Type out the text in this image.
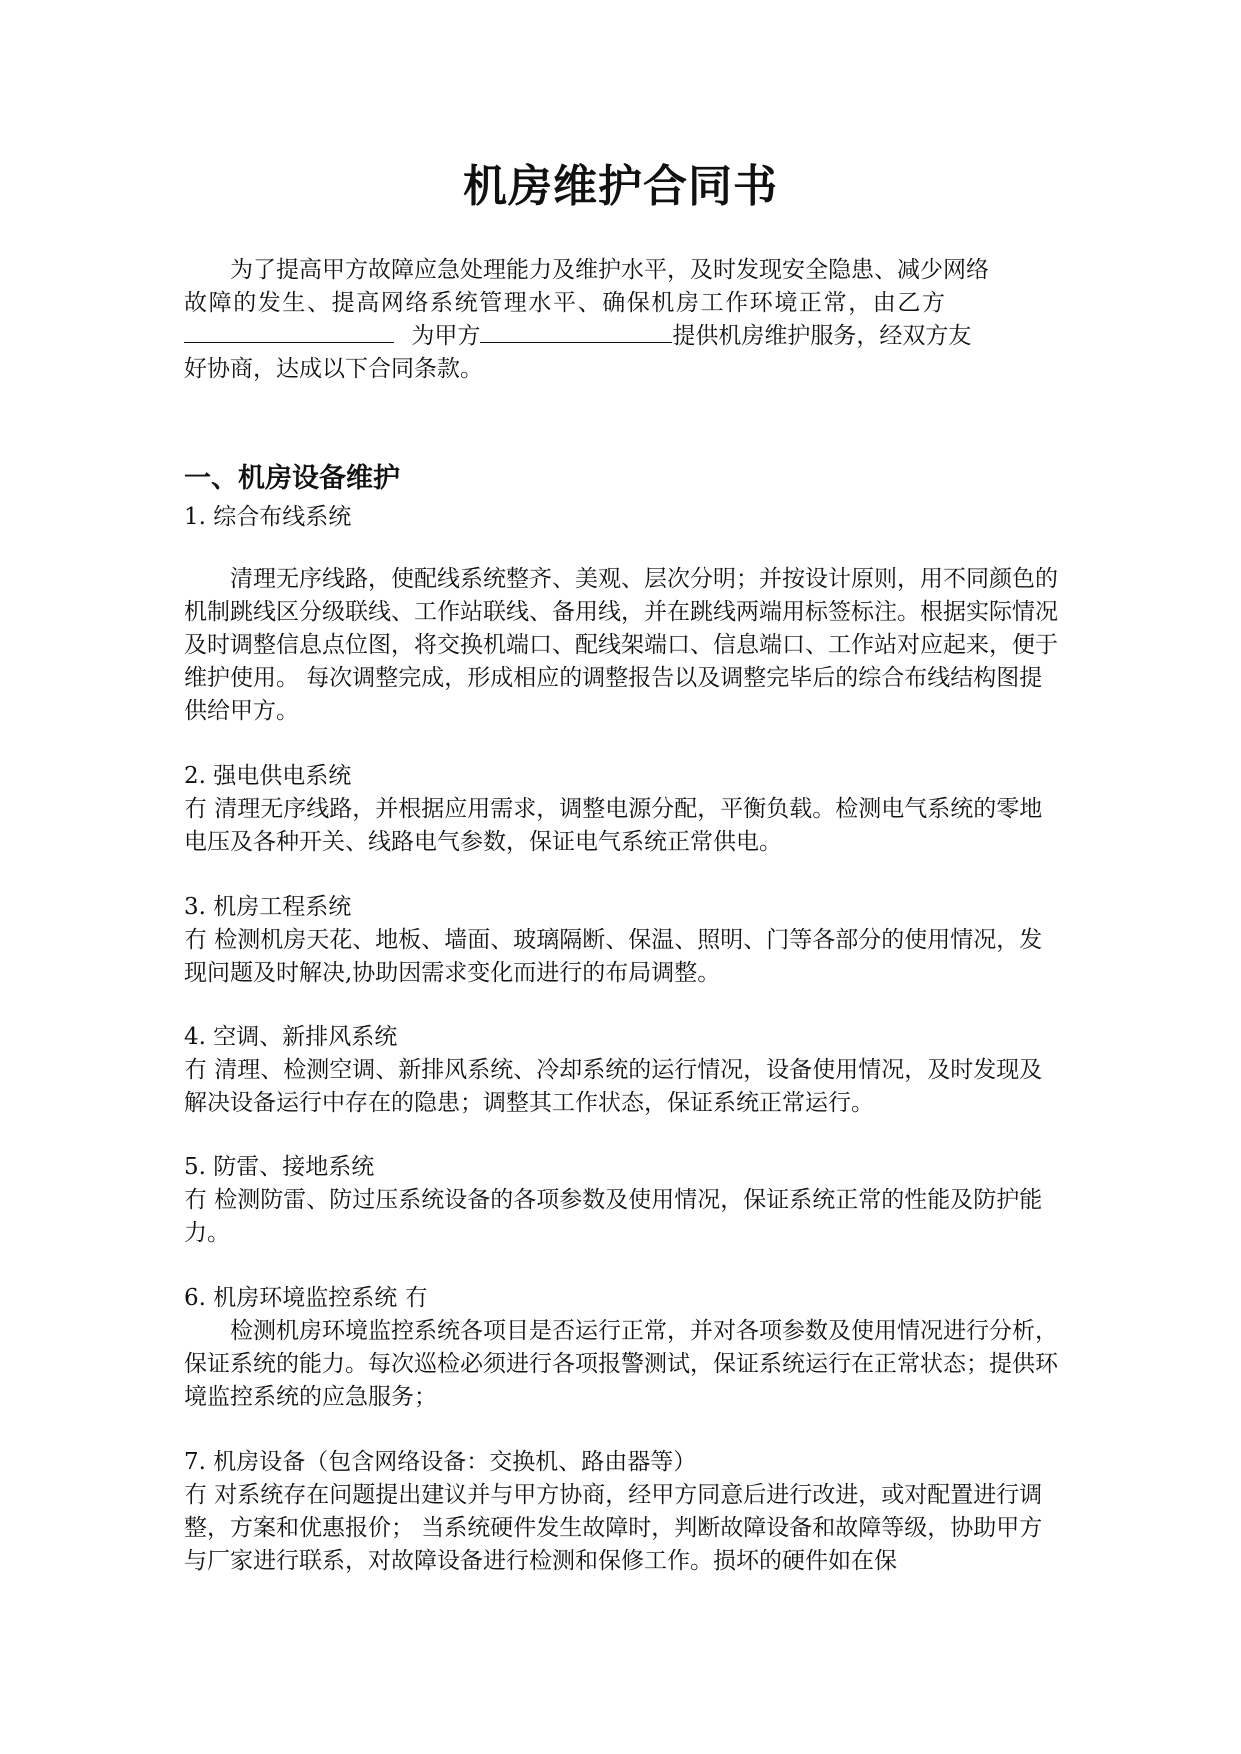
机房维护合同书
为了提高甲方故障应急处理能力及维护水平，及时发现安全隐患、减少网络
故障的发生、提高网络系统管理水平、确保机房工作环境正常，由乙方
为甲方	提供机房维护服务，经双方友
好协商，达成以下合同条款。
一、机房设备维护
1. 综合布线系统

清理无序线路，使配线系统整齐、美观、层次分明；并按设计原则，用不同颜色的机制跳线区分级联线、工作站联线、备用线，并在跳线两端用标签标注。根据实际情况及时调整信息点位图，将交换机端口、配线架端口、信息端口、工作站对应起来，便于维护使用。 每次调整完成，形成相应的调整报告以及调整完毕后的综合布线结构图提供给甲方。

2. 强电供电系统

冇 清理无序线路，并根据应用需求，调整电源分配，平衡负载。检测电气系统的零地电压及各种开关、线路电气参数，保证电气系统正常供电。

3. 机房工程系统

冇 检测机房天花、地板、墙面、玻璃隔断、保温、照明、门等各部分的使用情况，发现问题及时解决,协助因需求变化而进行的布局调整。

4. 空调、新排风系统

冇 清理、检测空调、新排风系统、冷却系统的运行情况，设备使用情况，及时发现及解决设备运行中存在的隐患；调整其工作状态，保证系统正常运行。

5. 防雷、接地系统

冇 检测防雷、防过压系统设备的各项参数及使用情况，保证系统正常的性能及防护能力。

6. 机房环境监控系统 冇

检测机房环境监控系统各项目是否运行正常，并对各项参数及使用情况进行分析，保证系统的能力。每次巡检必须进行各项报警测试，保证系统运行在正常状态；提供环境监控系统的应急服务；

7. 机房设备（包含网络设备：交换机、路由器等）

冇 对系统存在问题提出建议并与甲方协商，经甲方同意后进行改进，或对配置进行调整，方案和优惠报价； 当系统硬件发生故障时，判断故障设备和故障等级，协助甲方与厂家进行联系，对故障设备进行检测和保修工作。损坏的硬件如在保
